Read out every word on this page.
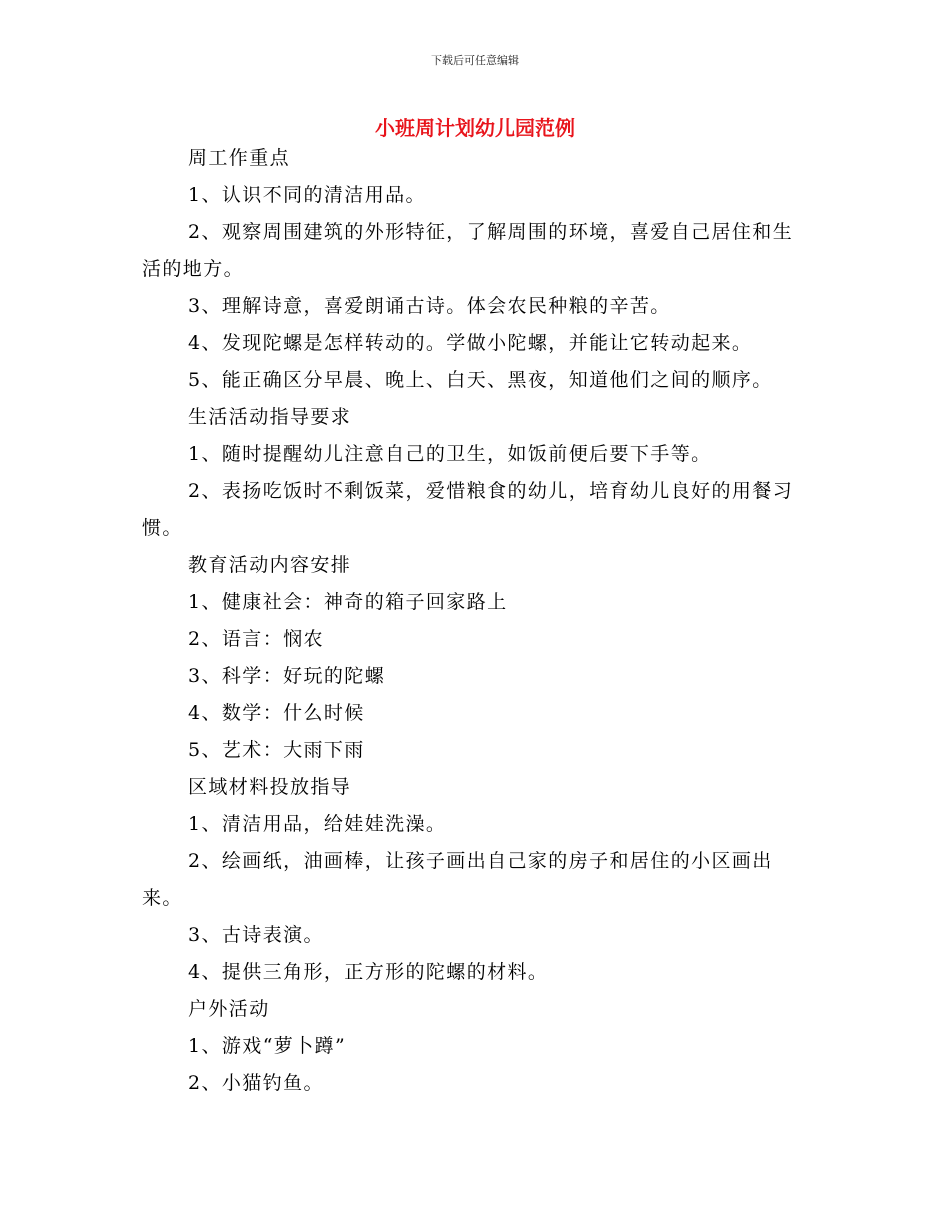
下载后可任意编辑
小班周计划幼儿园范例

周工作重点

1、认识不同的清洁用品。

2、观察周围建筑的外形特征，了解周围的环境，喜爱自己居住和生活的地方。

3、理解诗意，喜爱朗诵古诗。体会农民种粮的辛苦。

4、发现陀螺是怎样转动的。学做小陀螺，并能让它转动起来。

5、能正确区分早晨、晚上、白天、黑夜，知道他们之间的顺序。

生活活动指导要求

1、随时提醒幼儿注意自己的卫生，如饭前便后要下手等。

2、表扬吃饭时不剩饭菜，爱惜粮食的幼儿，培育幼儿良好的用餐习惯。

教育活动内容安排

1、健康社会：神奇的箱子回家路上

2、语言：悯农

3、科学：好玩的陀螺

4、数学：什么时候

5、艺术：大雨下雨

区域材料投放指导

1、清洁用品，给娃娃洗澡。

2、绘画纸，油画棒，让孩子画出自己家的房子和居住的小区画出来。

3、古诗表演。

4、提供三角形，正方形的陀螺的材料。

户外活动

1、游戏“萝卜蹲”

2、小猫钓鱼。
